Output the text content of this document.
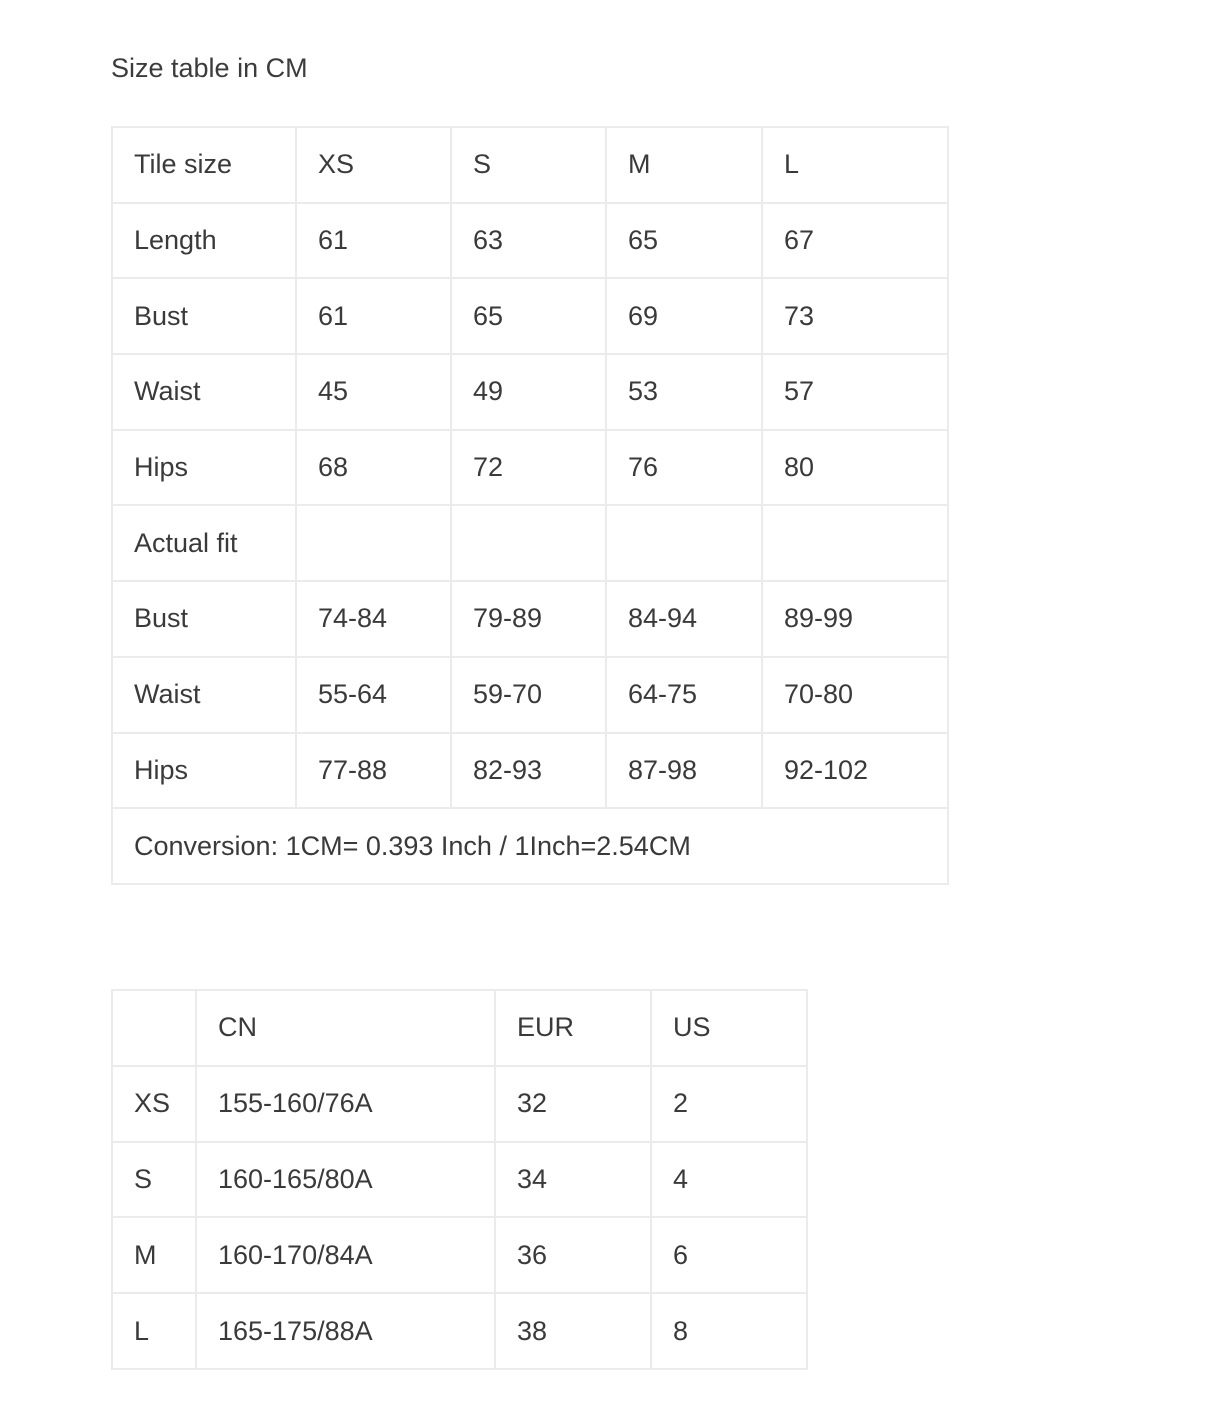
Size table in CM
Tile size	XS	S	M	L
Length	61	63	65	67
Bust	61	65	69	73
Waist	45	49	53	57
Hips	68	72	76	80
Actual fit				
Bust	74-84	79-89	84-94	89-99
Waist	55-64	59-70	64-75	70-80
Hips	77-88	82-93	87-98	92-102
Conversion: 1CM= 0.393 Inch / 1Inch=2.54CM				
	CN	EUR	US
XS	155-160/76A	32	2
S	160-165/80A	34	4
M	160-170/84A	36	6
L	165-175/88A	38	8
